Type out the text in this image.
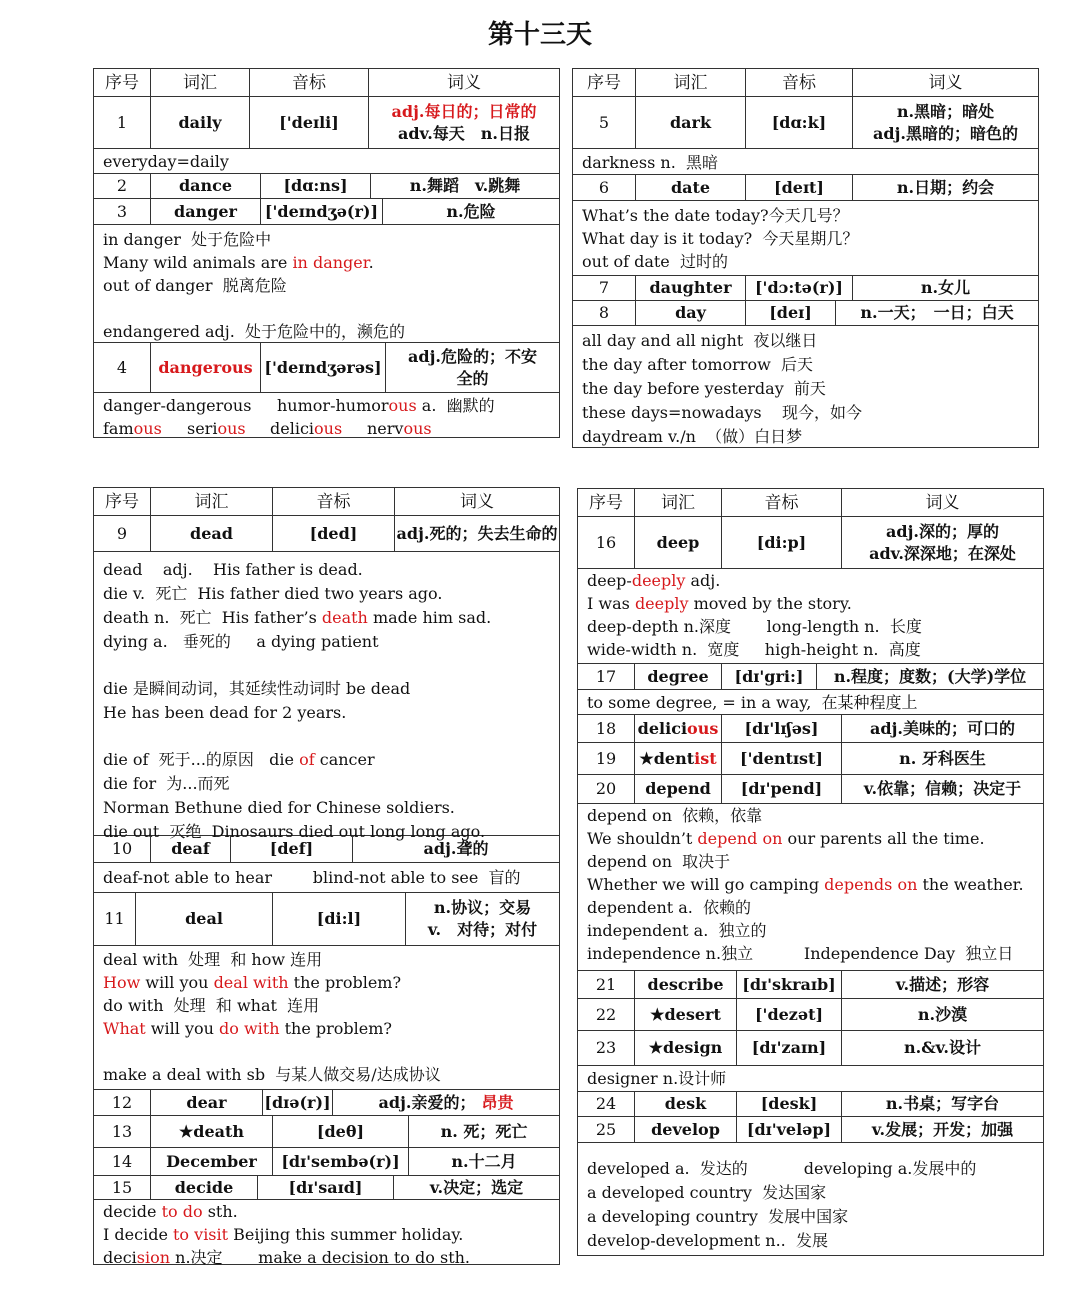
第十三天
序号	词汇	音标	词义
1	daily	['deɪli]
adj.每日的；日常的
adv.每天　n.日报
everyday=daily
2	dance	[dɑ:ns]	n.舞蹈　v.跳舞
3	danger	['deɪndʒə(r)]	n.危险
in danger  处于危险中
Many wild animals are in danger.
out of danger  脱离危险
endangered adj.  处于危险中的，濒危的
4	dangerous ['deɪndʒərəs]
adj.危险的；不安
全的
danger-dangerous humor-humorous a.  幽默的
famous serious delicious nervous
序号	词汇	音标	词义
5	dark	[dɑ:k]
n.黑暗；暗处
adj.黑暗的；暗色的
darkness n.  黑暗
6	date	[deɪt]	n.日期；约会
What’s the date today?今天几号？
What day is it today?  今天星期几？
out of date  过时的
7	daughter	['dɔ:tə(r)]	n.女儿
8	day	[deɪ]	n.一天；　一日；白天
all day and all night  夜以继日
the day after tomorrow  后天
the day before yesterday  前天
these days=nowadays    现今，如今
daydream v./n  （做）白日梦
序号	词汇	音标	词义
9	dead	[ded]	adj.死的；失去生命的
dead    adj.    His father is dead.
die v.  死亡  His father died two years ago.
death n.  死亡  His father’s death made him sad.
dying a.   垂死的     a dying patient
die 是瞬间动词，其延续性动词时 be dead
He has been dead for 2 years.
die of  死于...的原因   die of cancer
die for  为...而死
Norman Bethune died for Chinese soldiers.
die out  灭绝  Dinosaurs died out long long ago.
10	deaf	[def]	adj.聋的
deaf-not able to hear        blind-not able to see  盲的
11	deal	[di:l]
n.协议；交易
v.　对待；对付
deal with  处理  和 how 连用
How will you deal with the problem?
do with  处理  和 what  连用
What will you do with the problem?
make a deal with sb  与某人做交易/达成协议
12	dear	[dɪə(r)]	adj.亲爱的； 昂贵
13	★death	[deθ]	n. 死；死亡
14	December	[dɪ'sembə(r)]	n.十二月
15	decide	[dɪ'saɪd]	v.决定；选定
decide to do sth.
I decide to visit Beijing this summer holiday.
decision n.决定       make a decision to do sth.
序号	词汇	音标	词义
16	deep	[di:p]
adj.深的；厚的
adv.深深地；在深处
deep-deeply adj.
I was deeply moved by the story.
deep-depth n.深度       long-length n.  长度
wide-width n.  宽度     high-height n.  高度
17	degree	[dɪ'gri:]	n.程度；度数；(大学)学位
to some degree, = in a way,  在某种程度上
18	delici ous	[dɪ'lɪʃəs]	adj.美味的；可口的
19	★dent ist	['dentɪst]	n. 牙科医生
20	depend	[dɪ'pend]	v.依靠；信赖；决定于
depend on  依赖，依靠
We shouldn’t depend on our parents all the time.
depend on  取决于
Whether we will go camping depends on the weather.
dependent a.  依赖的
independent a.  独立的
independence n.独立          Independence Day  独立日
21	describe	[dɪ'skraɪb]	v.描述；形容
22	★desert	['dezət]	n.沙漠
23	★design	[dɪ'zaɪn]	n.&v.设计
designer n.设计师
24	desk	[desk]	n.书桌；写字台
25	develop	[dɪ'veləp]	v.发展；开发；加强
developed a.  发达的           developing a.发展中的
a developed country  发达国家
a developing country  发展中国家
develop-development n..  发展
